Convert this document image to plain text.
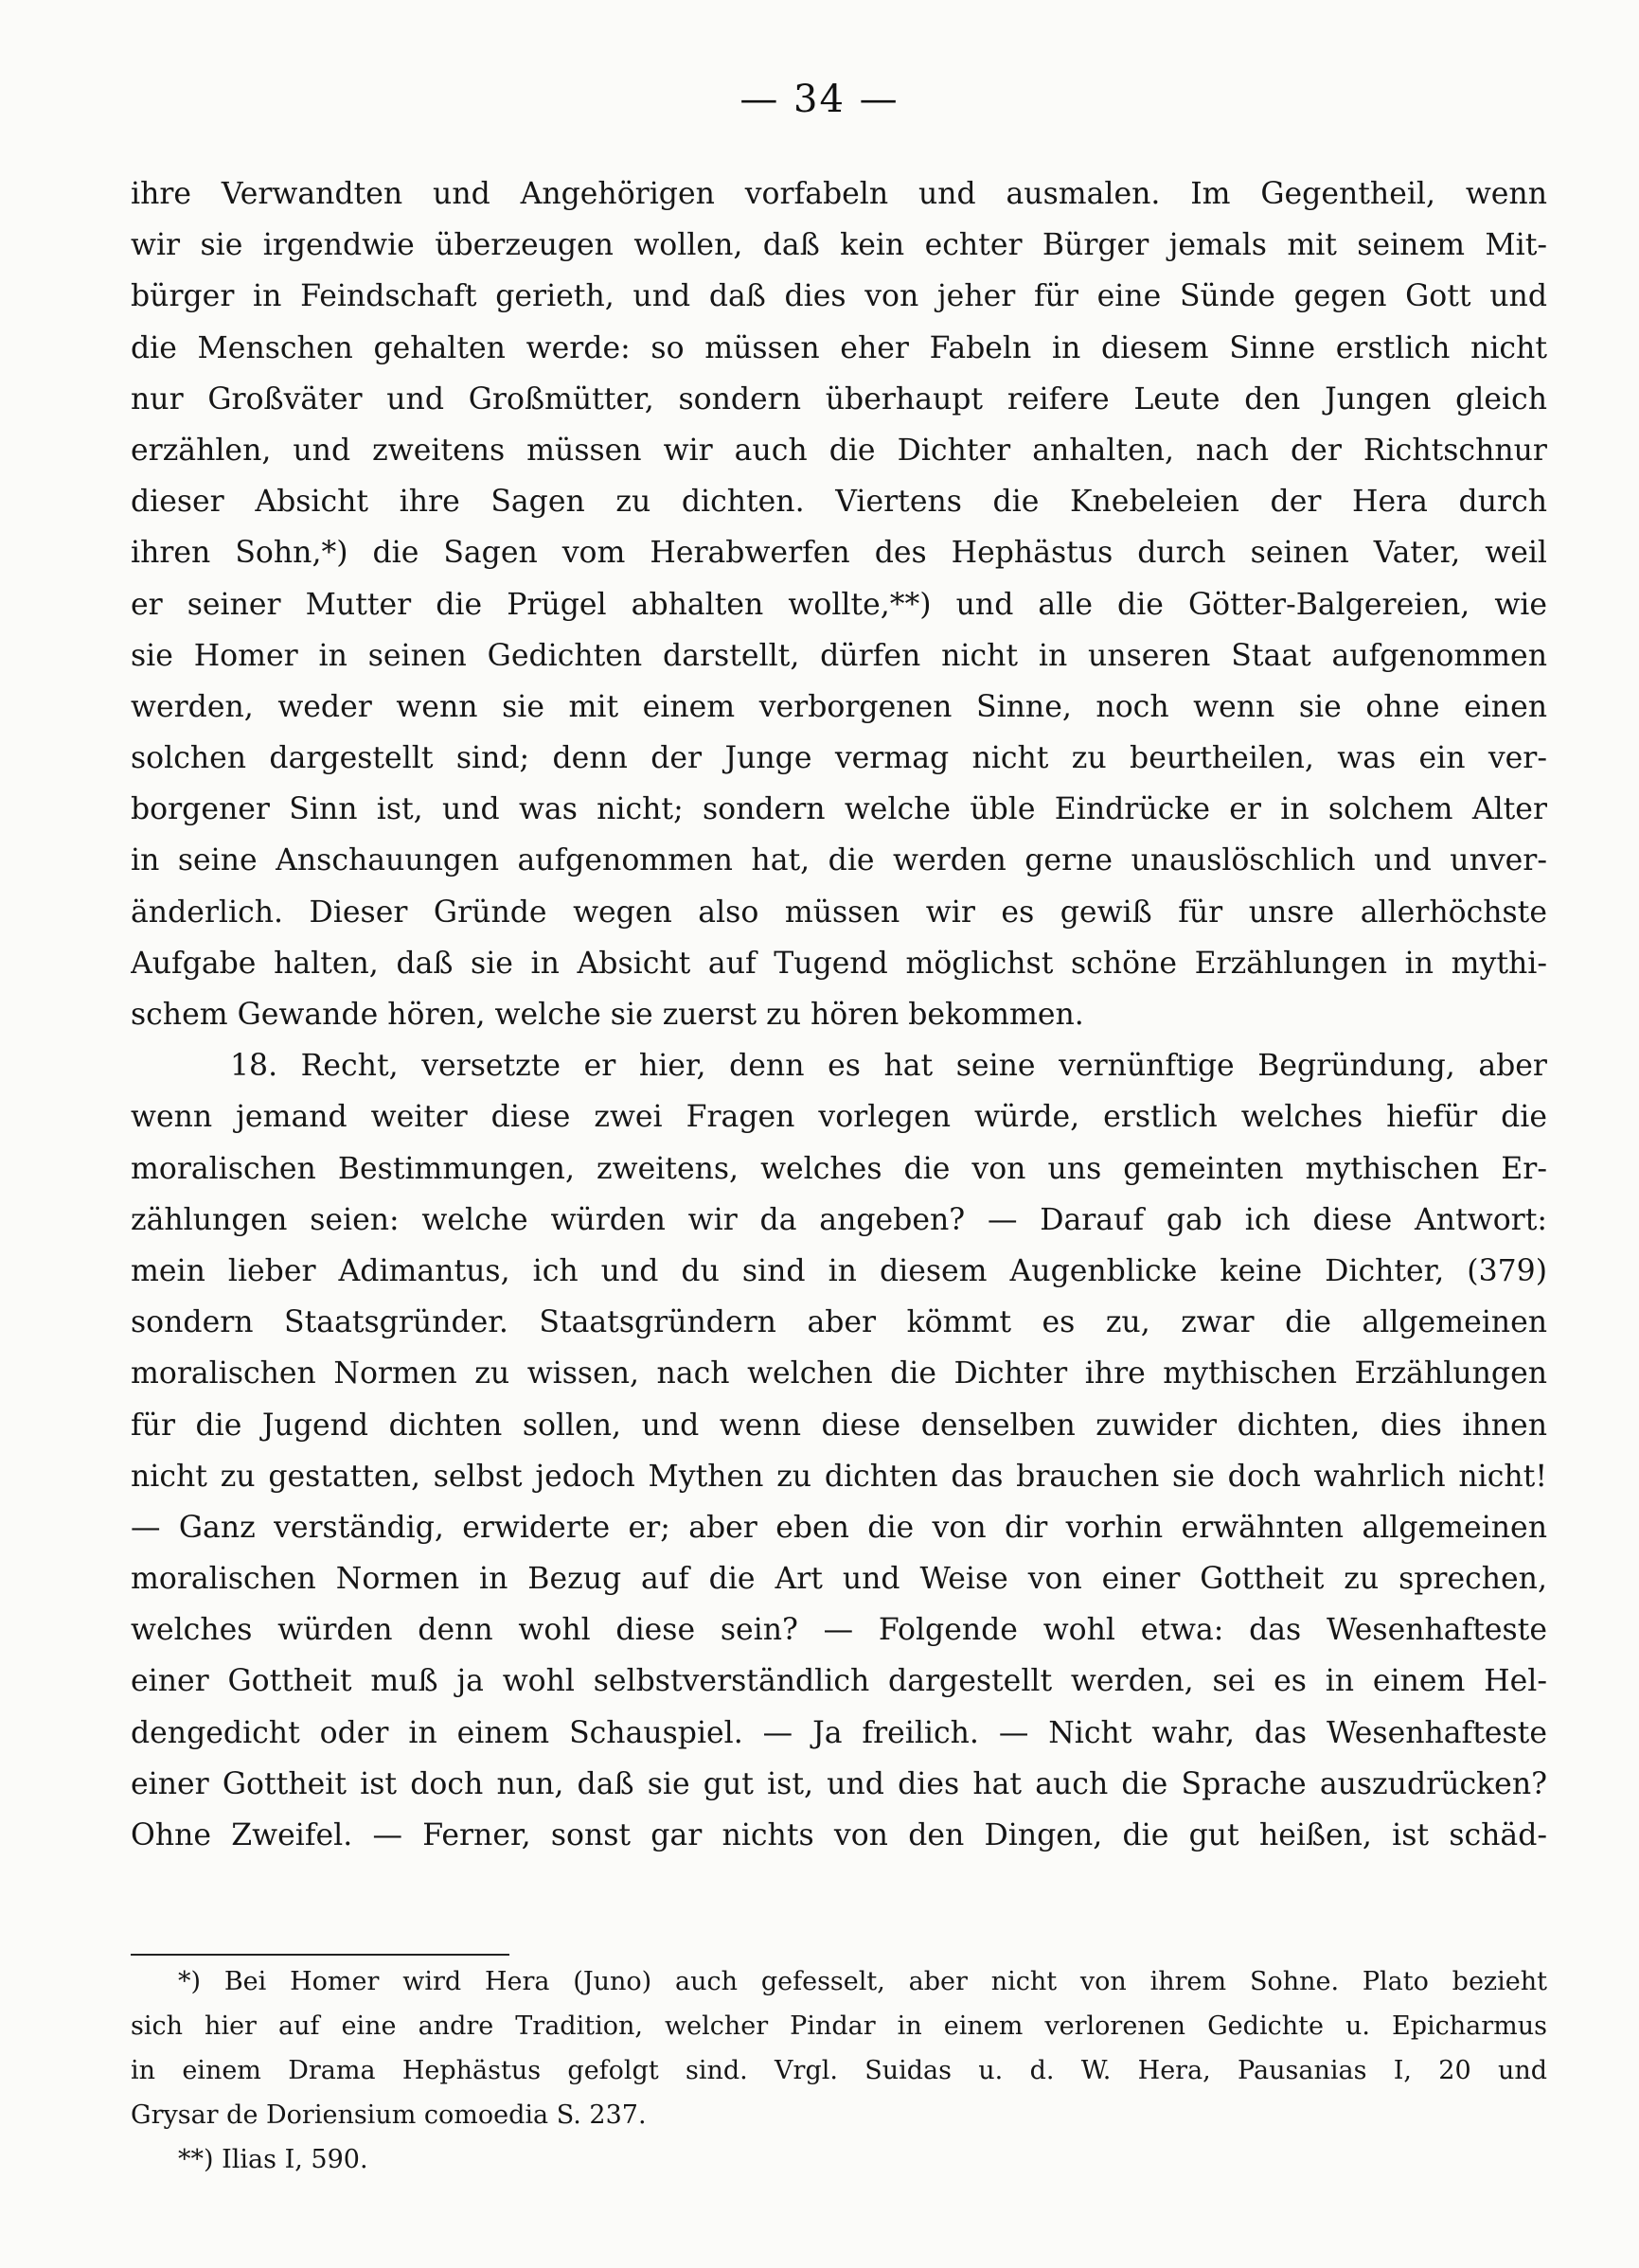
— 34 —
ihre Verwandten und Angehörigen vorfabeln und ausmalen. Im Gegentheil, wenn
wir sie irgendwie überzeugen wollen, daß kein echter Bürger jemals mit seinem Mit-
bürger in Feindschaft gerieth, und daß dies von jeher für eine Sünde gegen Gott und
die Menschen gehalten werde: so müssen eher Fabeln in diesem Sinne erstlich nicht
nur Großväter und Großmütter, sondern überhaupt reifere Leute den Jungen gleich
erzählen, und zweitens müssen wir auch die Dichter anhalten, nach der Richtschnur
dieser Absicht ihre Sagen zu dichten. Viertens die Knebeleien der Hera durch
ihren Sohn,*) die Sagen vom Herabwerfen des Hephästus durch seinen Vater, weil
er seiner Mutter die Prügel abhalten wollte,**) und alle die Götter-Balgereien, wie
sie Homer in seinen Gedichten darstellt, dürfen nicht in unseren Staat aufgenommen
werden, weder wenn sie mit einem verborgenen Sinne, noch wenn sie ohne einen
solchen dargestellt sind; denn der Junge vermag nicht zu beurtheilen, was ein ver-
borgener Sinn ist, und was nicht; sondern welche üble Eindrücke er in solchem Alter
in seine Anschauungen aufgenommen hat, die werden gerne unauslöschlich und unver-
änderlich. Dieser Gründe wegen also müssen wir es gewiß für unsre allerhöchste
Aufgabe halten, daß sie in Absicht auf Tugend möglichst schöne Erzählungen in mythi-
schem Gewande hören, welche sie zuerst zu hören bekommen.
18. Recht, versetzte er hier, denn es hat seine vernünftige Begründung, aber
wenn jemand weiter diese zwei Fragen vorlegen würde, erstlich welches hiefür die
moralischen Bestimmungen, zweitens, welches die von uns gemeinten mythischen Er-
zählungen seien: welche würden wir da angeben? — Darauf gab ich diese Antwort:
mein lieber Adimantus, ich und du sind in diesem Augenblicke keine Dichter, (379)
sondern Staatsgründer. Staatsgründern aber kömmt es zu, zwar die allgemeinen
moralischen Normen zu wissen, nach welchen die Dichter ihre mythischen Erzählungen
für die Jugend dichten sollen, und wenn diese denselben zuwider dichten, dies ihnen
nicht zu gestatten, selbst jedoch Mythen zu dichten das brauchen sie doch wahrlich nicht!
— Ganz verständig, erwiderte er; aber eben die von dir vorhin erwähnten allgemeinen
moralischen Normen in Bezug auf die Art und Weise von einer Gottheit zu sprechen,
welches würden denn wohl diese sein? — Folgende wohl etwa: das Wesenhafteste
einer Gottheit muß ja wohl selbstverständlich dargestellt werden, sei es in einem Hel-
dengedicht oder in einem Schauspiel. — Ja freilich. — Nicht wahr, das Wesenhafteste
einer Gottheit ist doch nun, daß sie gut ist, und dies hat auch die Sprache auszudrücken?
Ohne Zweifel. — Ferner, sonst gar nichts von den Dingen, die gut heißen, ist schäd-
*) Bei Homer wird Hera (Juno) auch gefesselt, aber nicht von ihrem Sohne. Plato bezieht
sich hier auf eine andre Tradition, welcher Pindar in einem verlorenen Gedichte u. Epicharmus
in einem Drama Hephästus gefolgt sind. Vrgl. Suidas u. d. W. Hera, Pausanias I, 20 und
Grysar de Doriensium comoedia S. 237.
**) Ilias I, 590.
